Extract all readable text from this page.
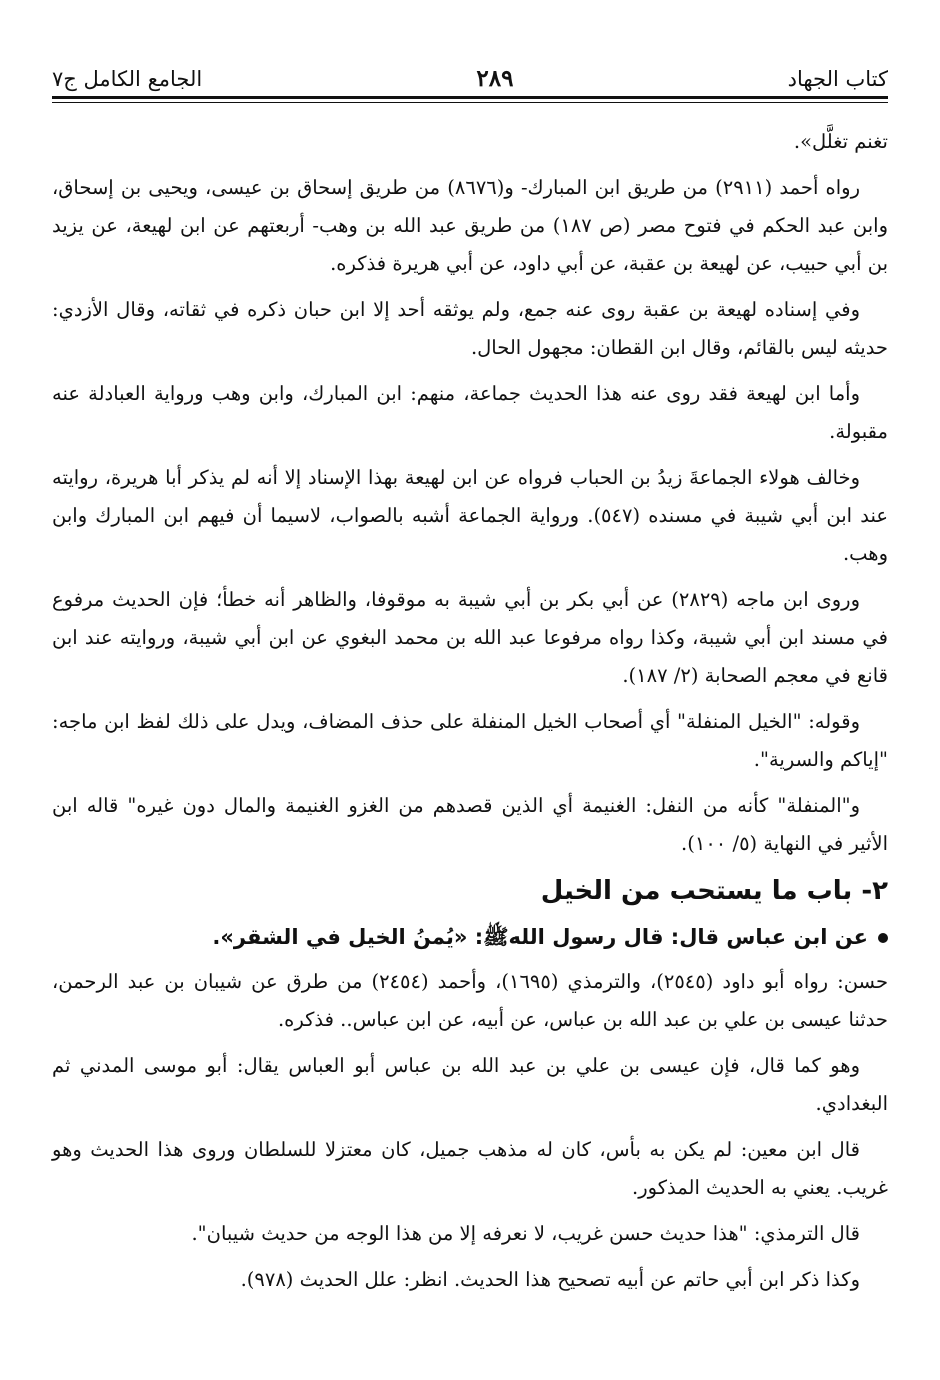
كتاب الجهاد
٢٨٩
الجامع الكامل ج٧

تغنم تغلَّل».

رواه أحمد (٢٩١١) من طريق ابن المبارك- و(٨٦٧٦) من طريق إسحاق بن عيسى، ويحيى بن إسحاق، وابن عبد الحكم في فتوح مصر (ص ١٨٧) من طريق عبد الله بن وهب- أربعتهم عن ابن لهيعة، عن يزيد بن أبي حبيب، عن لهيعة بن عقبة، عن أبي داود، عن أبي هريرة فذكره.

وفي إسناده لهيعة بن عقبة روى عنه جمع، ولم يوثقه أحد إلا ابن حبان ذكره في ثقاته، وقال الأزدي: حديثه ليس بالقائم، وقال ابن القطان: مجهول الحال.

وأما ابن لهيعة فقد روى عنه هذا الحديث جماعة، منهم: ابن المبارك، وابن وهب ورواية العبادلة عنه مقبولة.

وخالف هولاء الجماعةَ زيدُ بن الحباب فرواه عن ابن لهيعة بهذا الإسناد إلا أنه لم يذكر أبا هريرة، روايته عند ابن أبي شيبة في مسنده (٥٤٧). ورواية الجماعة أشبه بالصواب، لاسيما أن فيهم ابن المبارك وابن وهب.

وروى ابن ماجه (٢٨٢٩) عن أبي بكر بن أبي شيبة به موقوفا، والظاهر أنه خطأ؛ فإن الحديث مرفوع في مسند ابن أبي شيبة، وكذا رواه مرفوعا عبد الله بن محمد البغوي عن ابن أبي شيبة، وروايته عند ابن قانع في معجم الصحابة (٢/ ١٨٧).

وقوله: "الخيل المنفلة" أي أصحاب الخيل المنفلة على حذف المضاف، ويدل على ذلك لفظ ابن ماجه: "إياكم والسرية".

و"المنفلة" كأنه من النفل: الغنيمة أي الذين قصدهم من الغزو الغنيمة والمال دون غيره" قاله ابن الأثير في النهاية (٥/ ١٠٠).

٢- باب ما يستحب من الخيل
عن ابن عباس قال: قال رسول اللهﷺ: «يُمنُ الخيل في الشقر».

حسن: رواه أبو داود (٢٥٤٥)، والترمذي (١٦٩٥)، وأحمد (٢٤٥٤) من طرق عن شيبان بن عبد الرحمن، حدثنا عيسى بن علي بن عبد الله بن عباس، عن أبيه، عن ابن عباس.. فذكره.

وهو كما قال، فإن عيسى بن علي بن عبد الله بن عباس أبو العباس يقال: أبو موسى المدني ثم البغدادي.

قال ابن معين: لم يكن به بأس، كان له مذهب جميل، كان معتزلا للسلطان وروى هذا الحديث وهو غريب. يعني به الحديث المذكور.

قال الترمذي: "هذا حديث حسن غريب، لا نعرفه إلا من هذا الوجه من حديث شيبان".

وكذا ذكر ابن أبي حاتم عن أبيه تصحيح هذا الحديث. انظر: علل الحديث (٩٧٨).
